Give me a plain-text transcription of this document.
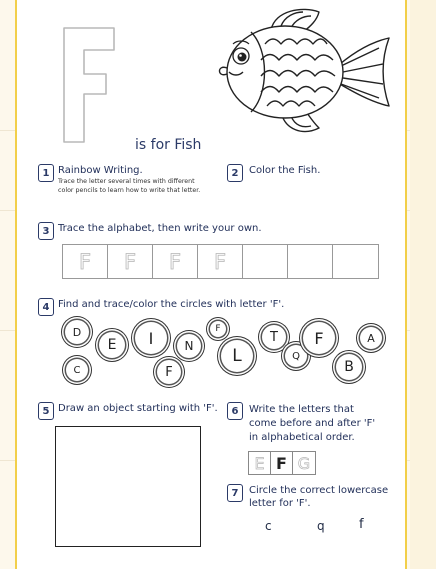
is for Fish
1 Rainbow Writing.
Trace the letter several times with different color pencils to learn how to write that letter.
2	Color the Fish.
3 Trace the alphabet, then write your own.
F F F F
4 Find and trace/color the circles with letter 'F'.
D
E	I	N
F
L
T
Q
F	A
B
C	F
5 Draw an object starting with 'F'.	6	Write the letters that come before and after 'F' in alphabetical order.
E F G
7	Circle the correct lowercase letter for 'F'.
c	q	f
